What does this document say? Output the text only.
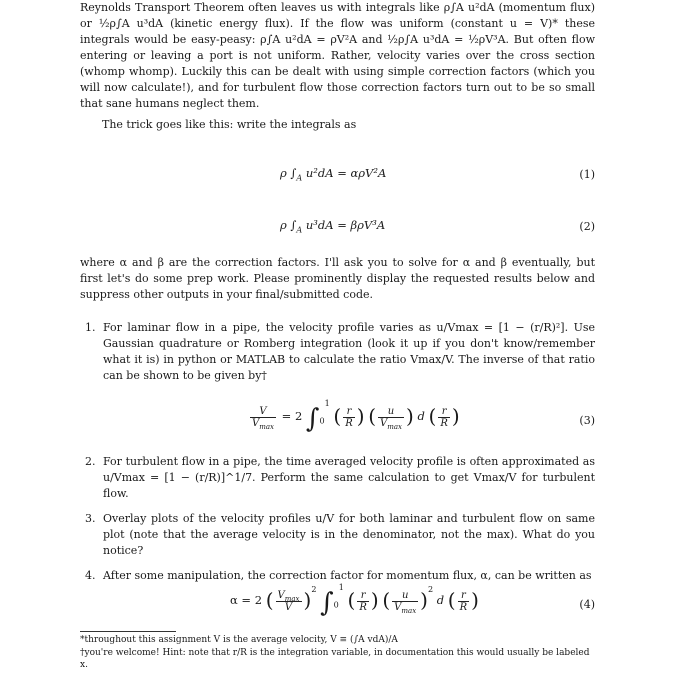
Reynolds Transport Theorem often leaves us with integrals like ρ∫A u²dA (momentum flux) or ½ρ∫A u³dA (kinetic energy flux). If the flow was uniform (constant u = V)* these integrals would be easy-peasy: ρ∫A u²dA = ρV²A and ½ρ∫A u³dA = ½ρV³A. But often flow entering or leaving a port is not uniform. Rather, velocity varies over the cross section (whomp whomp). Luckily this can be dealt with using simple correction factors (which you will now calculate!), and for turbulent flow those correction factors turn out to be so small that sane humans neglect them.

The trick goes like this: write the integrals as

ρ $\int_A$ u²dA = αρV²A	(1)
ρ $\int_A$ u³dA = βρV³A	(2)

where α and β are the correction factors. I'll ask you to solve for α and β eventually, but first let's do some prep work. Please prominently display the requested results below and suppress other outputs in your final/submitted code.

1. For laminar flow in a pipe, the velocity profile varies as u/Vmax = [1 − (r/R)²]. Use Gaussian quadrature or Romberg integration (look it up if you don't know/remember what it is) in python or MATLAB to calculate the ratio Vmax/V. The inverse of that ratio can be shown to be given by†
$\frac{V}{V_{max}} = 2$ $\int_0^1$ ( $\frac{r}{R}$ ) ( $\frac{u}{V_{max}}$ ) d ( $\frac{r}{R}$ )	(3)
2. For turbulent flow in a pipe, the time averaged velocity profile is often approximated as u/Vmax = [1 − (r/R)]^1/7. Perform the same calculation to get Vmax/V for turbulent flow.
3. Overlay plots of the velocity profiles u/V for both laminar and turbulent flow on same plot (note that the average velocity is in the denominator, not the max). What do you notice?
4. After some manipulation, the correction factor for momentum flux, α, can be written as
α = 2 ( $\frac{V_{max}}{V} )^2$ $\int_0^1$ ( $\frac{r}{R}$ ) ( $\frac{u}{V_{max}} )^2$ d ( $\frac{r}{R}$ )	(4)

*throughout this assignment V is the average velocity, V ≡ (∫A vdA)/A

†you're welcome! Hint: note that r/R is the integration variable, in documentation this would usually be labeled x.
